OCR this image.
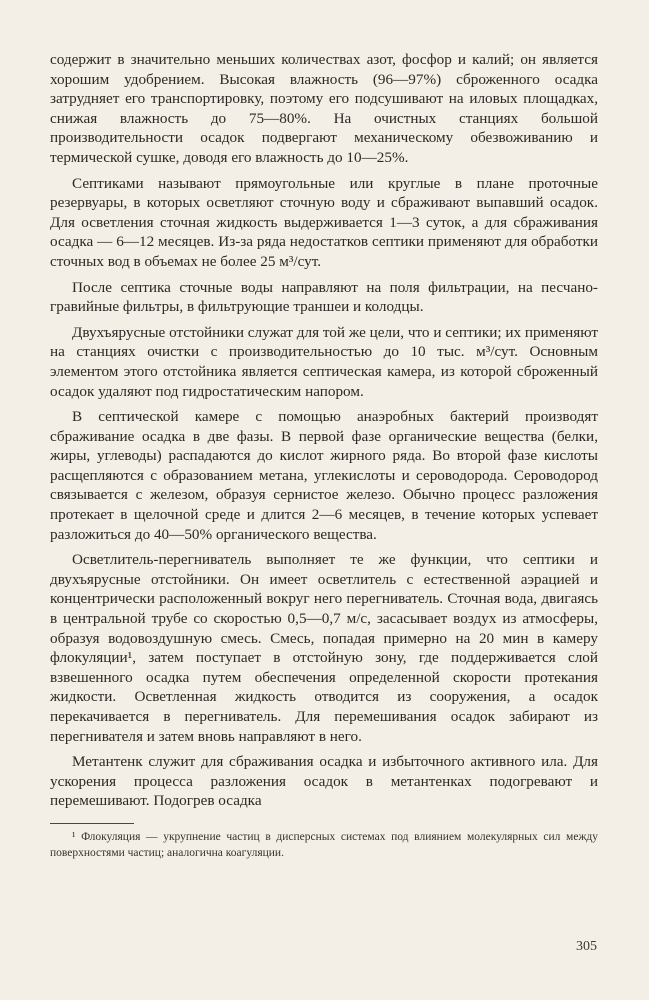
содержит в значительно меньших количествах азот, фосфор и калий; он является хорошим удобрением. Высокая влажность (96—97%) сброженного осадка затрудняет его транспортировку, поэтому его подсушивают на иловых площадках, снижая влажность до 75—80%. На очистных станциях большой производительности осадок подвергают механическому обезвоживанию и термической сушке, доводя его влажность до 10—25%.

Септиками называют прямоугольные или круглые в плане проточные резервуары, в которых осветляют сточную воду и сбраживают выпавший осадок. Для осветления сточная жидкость выдерживается 1—3 суток, а для сбраживания осадка — 6—12 месяцев. Из-за ряда недостатков септики применяют для обработки сточных вод в объемах не более 25 м³/сут.

После септика сточные воды направляют на поля фильтрации, на песчано-гравийные фильтры, в фильтрующие траншеи и колодцы.

Двухъярусные отстойники служат для той же цели, что и септики; их применяют на станциях очистки с производительностью до 10 тыс. м³/сут. Основным элементом этого отстойника является септическая камера, из которой сброженный осадок удаляют под гидростатическим напором.

В септической камере с помощью анаэробных бактерий производят сбраживание осадка в две фазы. В первой фазе органические вещества (белки, жиры, углеводы) распадаются до кислот жирного ряда. Во второй фазе кислоты расщепляются с образованием метана, углекислоты и сероводорода. Сероводород связывается с железом, образуя сернистое железо. Обычно процесс разложения протекает в щелочной среде и длится 2—6 месяцев, в течение которых успевает разложиться до 40—50% органического вещества.

Осветлитель-перегниватель выполняет те же функции, что септики и двухъярусные отстойники. Он имеет осветлитель с естественной аэрацией и концентрически расположенный вокруг него перегниватель. Сточная вода, двигаясь в центральной трубе со скоростью 0,5—0,7 м/с, засасывает воздух из атмосферы, образуя водовоздушную смесь. Смесь, попадая примерно на 20 мин в камеру флокуляции¹, затем поступает в отстойную зону, где поддерживается слой взвешенного осадка путем обеспечения определенной скорости протекания жидкости. Осветленная жидкость отводится из сооружения, а осадок перекачивается в перегниватель. Для перемешивания осадок забирают из перегнивателя и затем вновь направляют в него.

Метантенк служит для сбраживания осадка и избыточного активного ила. Для ускорения процесса разложения осадок в метантенках подогревают и перемешивают. Подогрев осадка

¹ Флокуляция — укрупнение частиц в дисперсных системах под влиянием молекулярных сил между поверхностями частиц; аналогична коагуляции.

305
